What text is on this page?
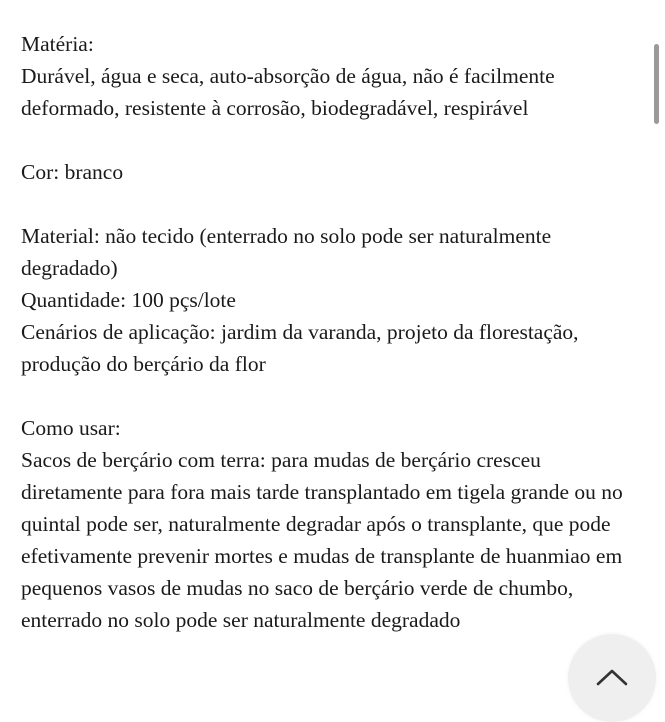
Matéria:

Durável, água e seca, auto-absorção de água, não é facilmente deformado, resistente à corrosão, biodegradável, respirável

Cor: branco

Material: não tecido (enterrado no solo pode ser naturalmente degradado)

Quantidade: 100 pçs/lote

Cenários de aplicação: jardim da varanda, projeto da florestação, produção do berçário da flor

Como usar:

Sacos de berçário com terra: para mudas de berçário cresceu diretamente para fora mais tarde transplantado em tigela grande ou no quintal pode ser, naturalmente degradar após o transplante, que pode efetivamente prevenir mortes e mudas de transplante de huanmiao em pequenos vasos de mudas no saco de berçário verde de chumbo, enterrado no solo pode ser naturalmente degradado
